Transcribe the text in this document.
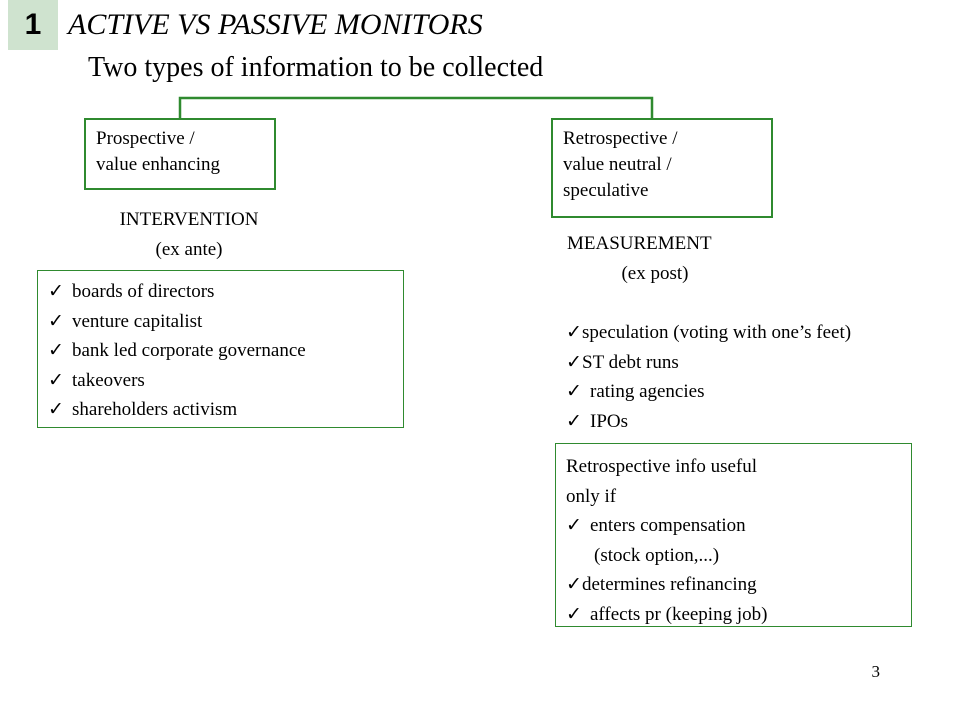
1 ACTIVE VS PASSIVE MONITORS
Two types of information to be collected
Prospective /
value enhancing
Retrospective /
value neutral /
speculative
INTERVENTION
(ex ante)	MEASUREMENT
(ex post)
✓ boards of directors
✓ venture capitalist
✓ bank led corporate governance
✓ takeovers
✓ shareholders activism
✓speculation (voting with one’s feet)
✓ST debt runs
✓ rating agencies
✓ IPOs
Retrospective info useful
only if
✓ enters compensation
(stock option,...)
✓determines refinancing
✓ affects pr (keeping job)
3
